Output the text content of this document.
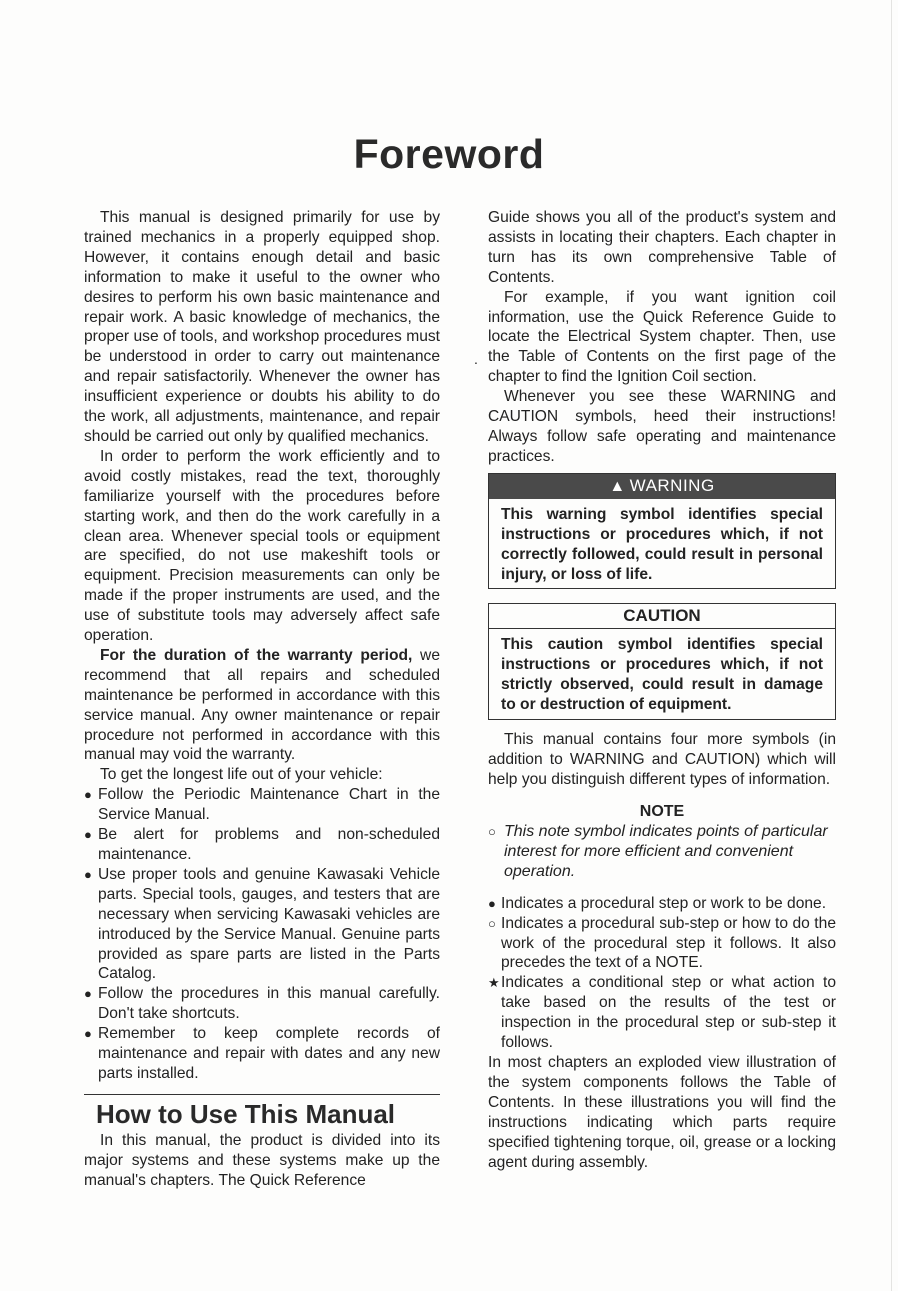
Foreword

This manual is designed primarily for use by trained mechanics in a properly equipped shop. However, it contains enough detail and basic information to make it useful to the owner who desires to perform his own basic maintenance and repair work. A basic knowledge of mechanics, the proper use of tools, and workshop procedures must be understood in order to carry out maintenance and repair satisfactorily. Whenever the owner has insufficient experience or doubts his ability to do the work, all adjustments, maintenance, and repair should be carried out only by qualified mechanics.

In order to perform the work efficiently and to avoid costly mistakes, read the text, thoroughly familiarize yourself with the procedures before starting work, and then do the work carefully in a clean area. Whenever special tools or equipment are specified, do not use makeshift tools or equipment. Precision measurements can only be made if the proper instruments are used, and the use of substitute tools may adversely affect safe operation.

For the duration of the warranty period, we recommend that all repairs and scheduled maintenance be performed in accordance with this service manual. Any owner maintenance or repair procedure not performed in accordance with this manual may void the warranty.

To get the longest life out of your vehicle:

● Follow the Periodic Maintenance Chart in the Service Manual.
● Be alert for problems and non-scheduled maintenance.
● Use proper tools and genuine Kawasaki Vehicle parts. Special tools, gauges, and testers that are necessary when servicing Kawasaki vehicles are introduced by the Service Manual. Genuine parts provided as spare parts are listed in the Parts Catalog.
● Follow the procedures in this manual carefully. Don't take shortcuts.
● Remember to keep complete records of maintenance and repair with dates and any new parts installed.
How to Use This Manual

In this manual, the product is divided into its major systems and these systems make up the manual's chapters. The Quick Reference

.

Guide shows you all of the product's system and assists in locating their chapters. Each chapter in turn has its own comprehensive Table of Contents.

For example, if you want ignition coil information, use the Quick Reference Guide to locate the Electrical System chapter. Then, use the Table of Contents on the first page of the chapter to find the Ignition Coil section.

Whenever you see these WARNING and CAUTION symbols, heed their instructions! Always follow safe operating and maintenance practices.

▲ WARNING
This warning symbol identifies special instructions or procedures which, if not correctly followed, could result in personal injury, or loss of life.
CAUTION
This caution symbol identifies special instructions or procedures which, if not strictly observed, could result in damage to or destruction of equipment.

This manual contains four more symbols (in addition to WARNING and CAUTION) which will help you distinguish different types of information.

NOTE
○ This note symbol indicates points of particular interest for more efficient and convenient operation.
● Indicates a procedural step or work to be done.
○ Indicates a procedural sub-step or how to do the work of the procedural step it follows. It also precedes the text of a NOTE.
★ Indicates a conditional step or what action to take based on the results of the test or inspection in the procedural step or sub-step it follows.

In most chapters an exploded view illustration of the system components follows the Table of Contents. In these illustrations you will find the instructions indicating which parts require specified tightening torque, oil, grease or a locking agent during assembly.
